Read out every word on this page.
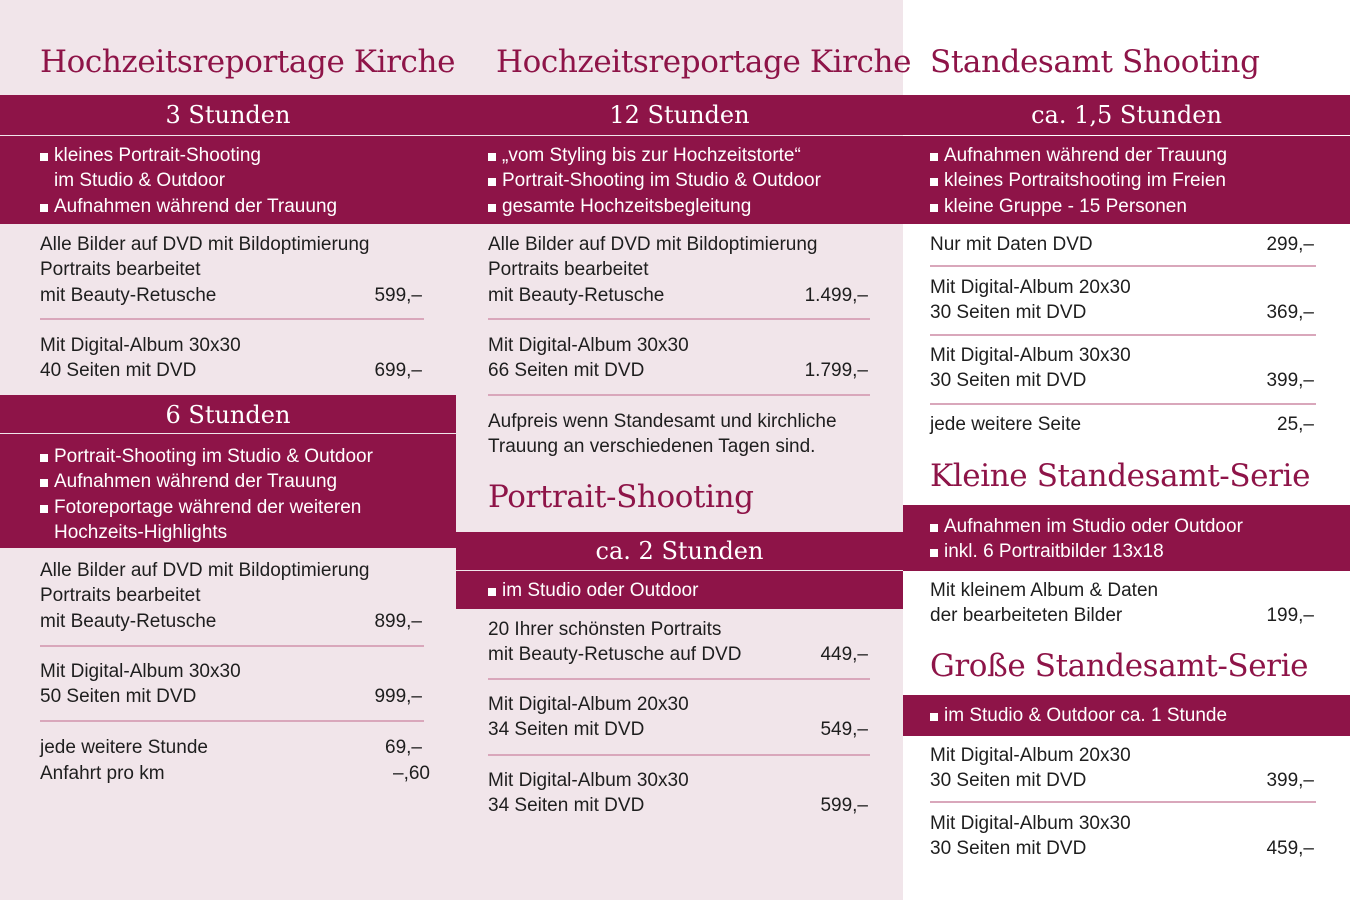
Hochzeitsreportage Kirche
3 Stunden
kleines Portrait-Shooting
im Studio & Outdoor
Aufnahmen während der Trauung
Alle Bilder auf DVD mit Bildoptimierung
Portraits bearbeitet
mit Beauty-Retusche	599,–
Mit Digital-Album 30x30
40 Seiten mit DVD	699,–
6 Stunden
Portrait-Shooting im Studio & Outdoor
Aufnahmen während der Trauung
Fotoreportage während der weiteren
Hochzeits-Highlights
Alle Bilder auf DVD mit Bildoptimierung
Portraits bearbeitet
mit Beauty-Retusche	899,–
Mit Digital-Album 30x30
50 Seiten mit DVD	999,–
jede weitere Stunde	69,–
Anfahrt pro km	–,60
Hochzeitsreportage Kirche
12 Stunden
„vom Styling bis zur Hochzeitstorte“
Portrait-Shooting im Studio & Outdoor
gesamte Hochzeitsbegleitung
Alle Bilder auf DVD mit Bildoptimierung
Portraits bearbeitet
mit Beauty-Retusche	1.499,–
Mit Digital-Album 30x30
66 Seiten mit DVD	1.799,–
Aufpreis wenn Standesamt und kirchliche
Trauung an verschiedenen Tagen sind.
Portrait-Shooting
ca. 2 Stunden
im Studio oder Outdoor
20 Ihrer schönsten Portraits
mit Beauty-Retusche auf DVD	449,–
Mit Digital-Album 20x30
34 Seiten mit DVD	549,–
Mit Digital-Album 30x30
34 Seiten mit DVD	599,–
Standesamt Shooting
ca. 1,5 Stunden
Aufnahmen während der Trauung
kleines Portraitshooting im Freien
kleine Gruppe - 15 Personen
Nur mit Daten DVD	299,–
Mit Digital-Album 20x30
30 Seiten mit DVD	369,–
Mit Digital-Album 30x30
30 Seiten mit DVD	399,–
jede weitere Seite	25,–
Kleine Standesamt-Serie
Aufnahmen im Studio oder Outdoor
inkl. 6 Portraitbilder 13x18
Mit kleinem Album & Daten
der bearbeiteten Bilder	199,–
Große Standesamt-Serie
im Studio & Outdoor ca. 1 Stunde
Mit Digital-Album 20x30
30 Seiten mit DVD	399,–
Mit Digital-Album 30x30
30 Seiten mit DVD	459,–
